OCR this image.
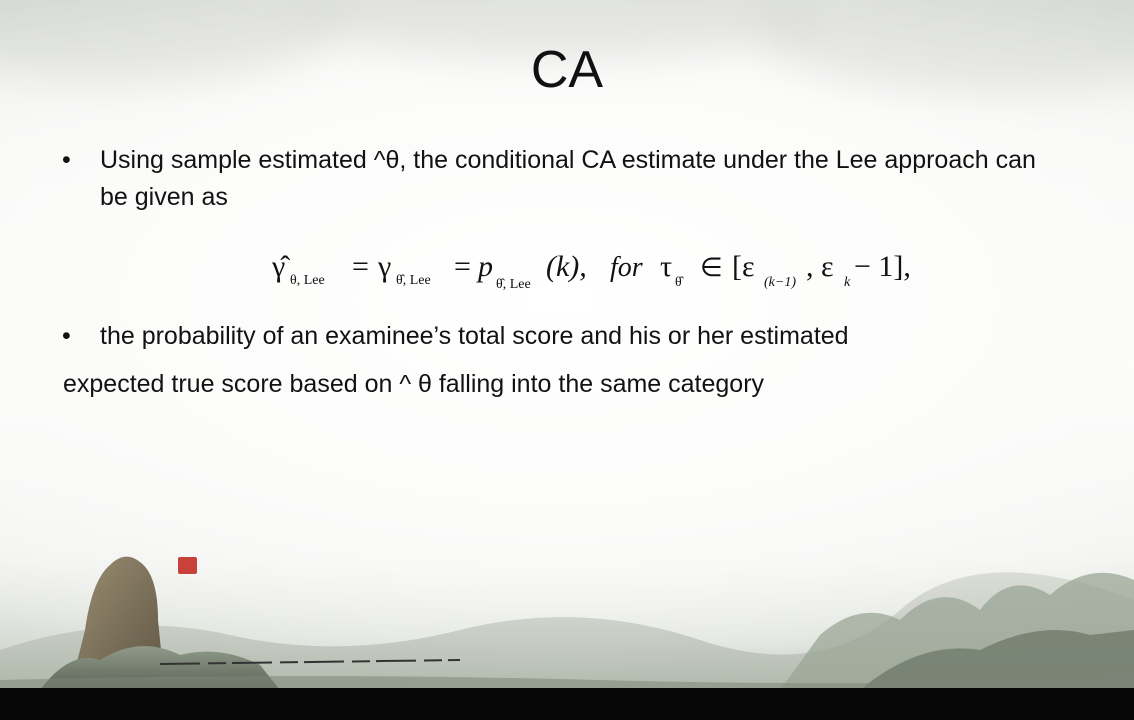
CA
• Using sample estimated ^θ, the conditional CA estimate under the Lee approach can be given as
γ̂ θ, Lee = γ θ̂, Lee = p
θ̂, Lee
(k), for τ θ̂
∈ [ε (k−1) , ε k − 1],
• the probability of an examinee’s total score and his or her estimated
expected true score based on ^ θ falling into the same category
